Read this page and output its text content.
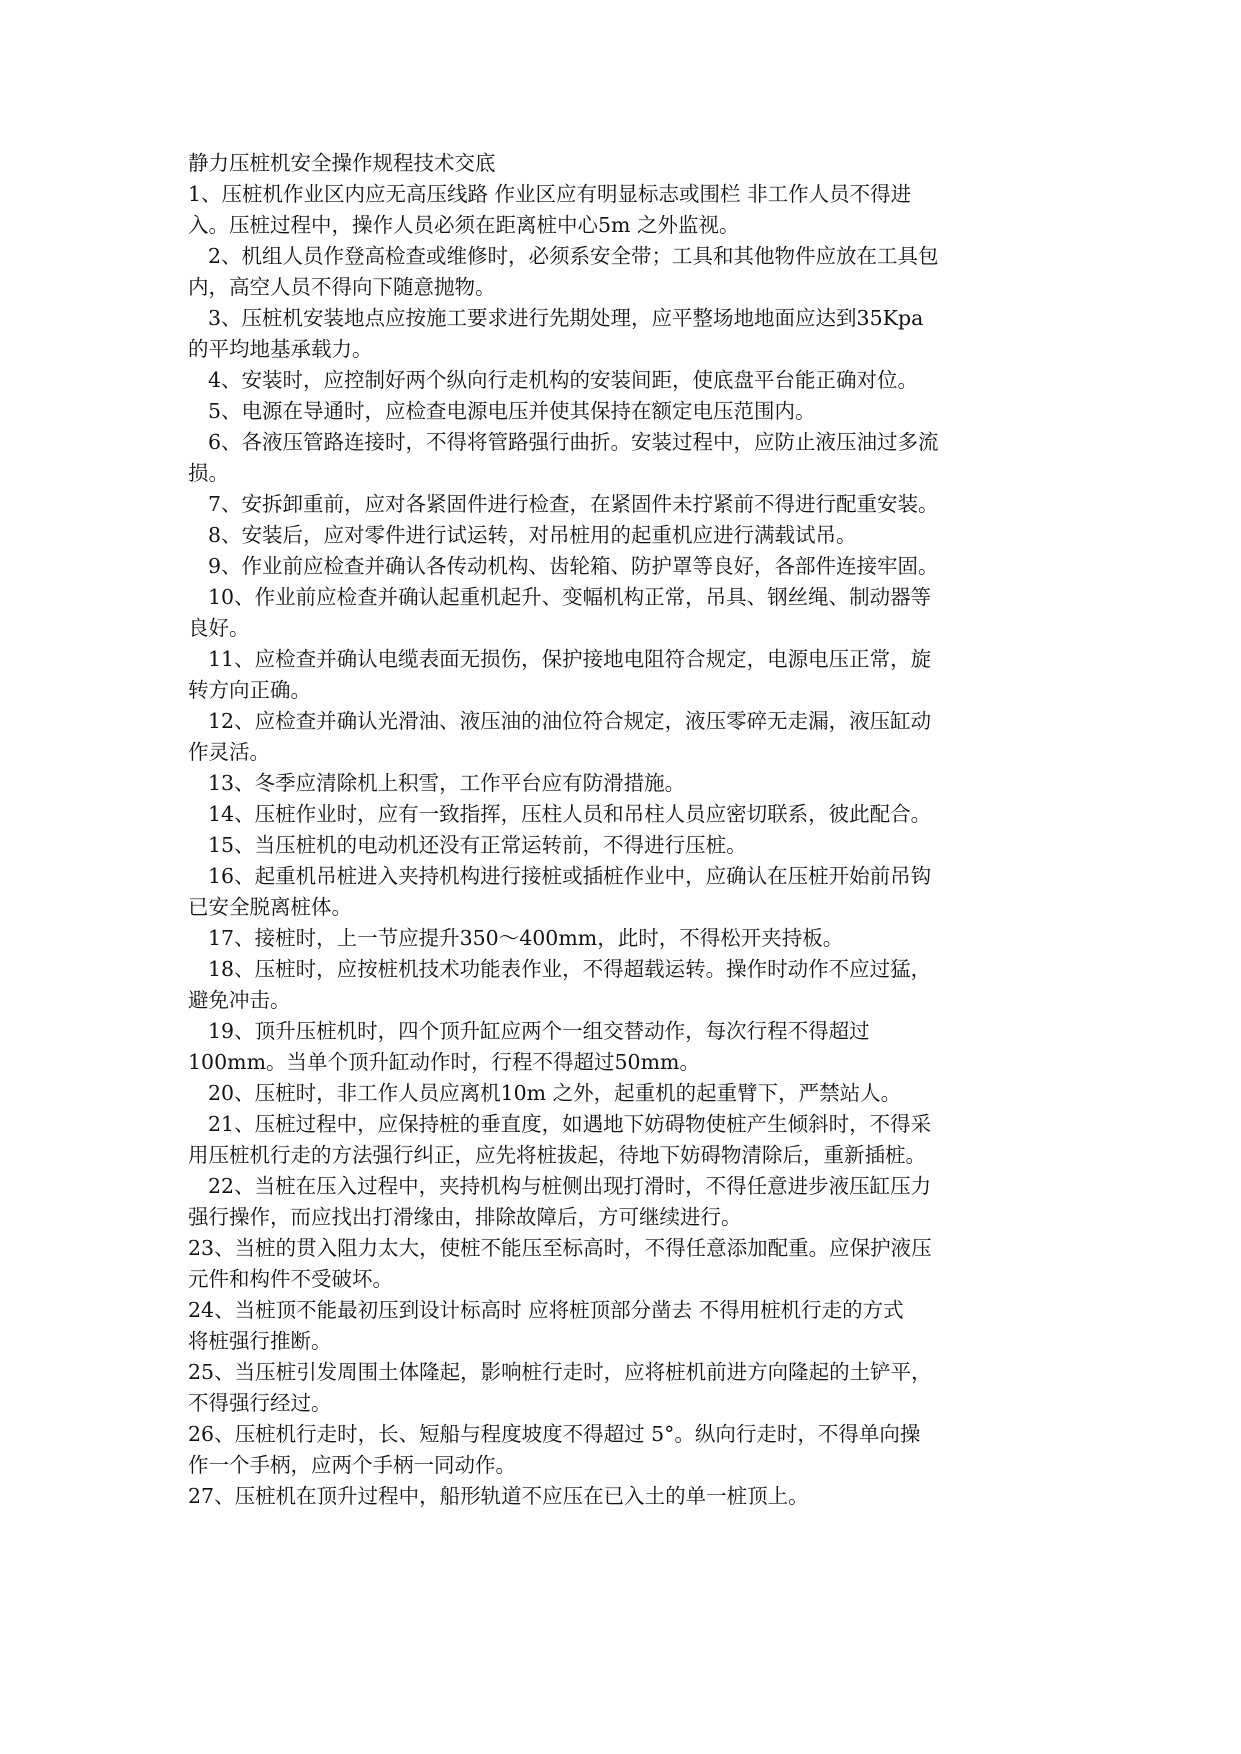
静力压桩机安全操作规程技术交底
1、压桩机作业区内应无高压线路 作业区应有明显标志或围栏 非工作人员不得进
入。压桩过程中，操作人员必须在距离桩中心5m 之外监视。
2、机组人员作登高检查或维修时，必须系安全带；工具和其他物件应放在工具包
内，高空人员不得向下随意抛物。
3、压桩机安装地点应按施工要求进行先期处理，应平整场地地面应达到35Kpa
的平均地基承载力。
4、安装时，应控制好两个纵向行走机构的安装间距，使底盘平台能正确对位。
5、电源在导通时，应检查电源电压并使其保持在额定电压范围内。
6、各液压管路连接时，不得将管路强行曲折。安装过程中，应防止液压油过多流
损。
7、安拆卸重前，应对各紧固件进行检查，在紧固件未拧紧前不得进行配重安装。
8、安装后，应对零件进行试运转，对吊桩用的起重机应进行满载试吊。
9、作业前应检查并确认各传动机构、齿轮箱、防护罩等良好，各部件连接牢固。
10、作业前应检查并确认起重机起升、变幅机构正常，吊具、钢丝绳、制动器等
良好。
11、应检查并确认电缆表面无损伤，保护接地电阻符合规定，电源电压正常，旋
转方向正确。
12、应检查并确认光滑油、液压油的油位符合规定，液压零碎无走漏，液压缸动
作灵活。
13、冬季应清除机上积雪，工作平台应有防滑措施。
14、压桩作业时，应有一致指挥，压柱人员和吊柱人员应密切联系，彼此配合。
15、当压桩机的电动机还没有正常运转前，不得进行压桩。
16、起重机吊桩进入夹持机构进行接桩或插桩作业中，应确认在压桩开始前吊钩
已安全脱离桩体。
17、接桩时，上一节应提升350～400mm，此时，不得松开夹持板。
18、压桩时，应按桩机技术功能表作业，不得超载运转。操作时动作不应过猛，
避免冲击。
19、顶升压桩机时，四个顶升缸应两个一组交替动作，每次行程不得超过
100mm。当单个顶升缸动作时，行程不得超过50mm。
20、压桩时，非工作人员应离机10m 之外，起重机的起重臂下，严禁站人。
21、压桩过程中，应保持桩的垂直度，如遇地下妨碍物使桩产生倾斜时，不得采
用压桩机行走的方法强行纠正，应先将桩拔起，待地下妨碍物清除后，重新插桩。
22、当桩在压入过程中，夹持机构与桩侧出现打滑时，不得任意进步液压缸压力
强行操作，而应找出打滑缘由，排除故障后，方可继续进行。
23、当桩的贯入阻力太大，使桩不能压至标高时，不得任意添加配重。应保护液压
元件和构件不受破坏。
24、当桩顶不能最初压到设计标高时 应将桩顶部分凿去 不得用桩机行走的方式
将桩强行推断。
25、当压桩引发周围土体隆起，影响桩行走时，应将桩机前进方向隆起的土铲平，
不得强行经过。
26、压桩机行走时，长、短船与程度坡度不得超过 5°。纵向行走时，不得单向操
作一个手柄，应两个手柄一同动作。
27、压桩机在顶升过程中，船形轨道不应压在已入土的单一桩顶上。
